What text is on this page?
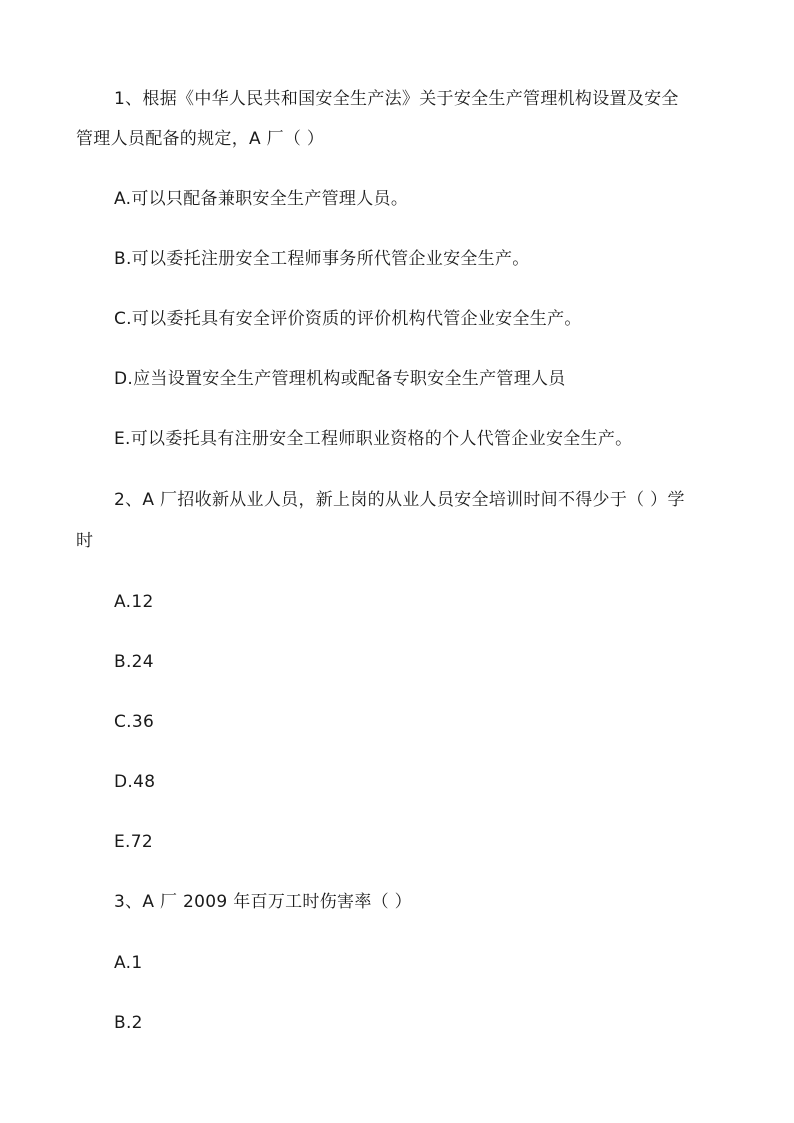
1、根据《中华人民共和国安全生产法》关于安全生产管理机构设置及安全
管理人员配备的规定，A 厂（ ）
A.可以只配备兼职安全生产管理人员。
B.可以委托注册安全工程师事务所代管企业安全生产。
C.可以委托具有安全评价资质的评价机构代管企业安全生产。
D.应当设置安全生产管理机构或配备专职安全生产管理人员
E.可以委托具有注册安全工程师职业资格的个人代管企业安全生产。
2、A 厂招收新从业人员，新上岗的从业人员安全培训时间不得少于（ ）学
时
A.12
B.24
C.36
D.48
E.72
3、A 厂 2009 年百万工时伤害率（ ）
A.1
B.2
